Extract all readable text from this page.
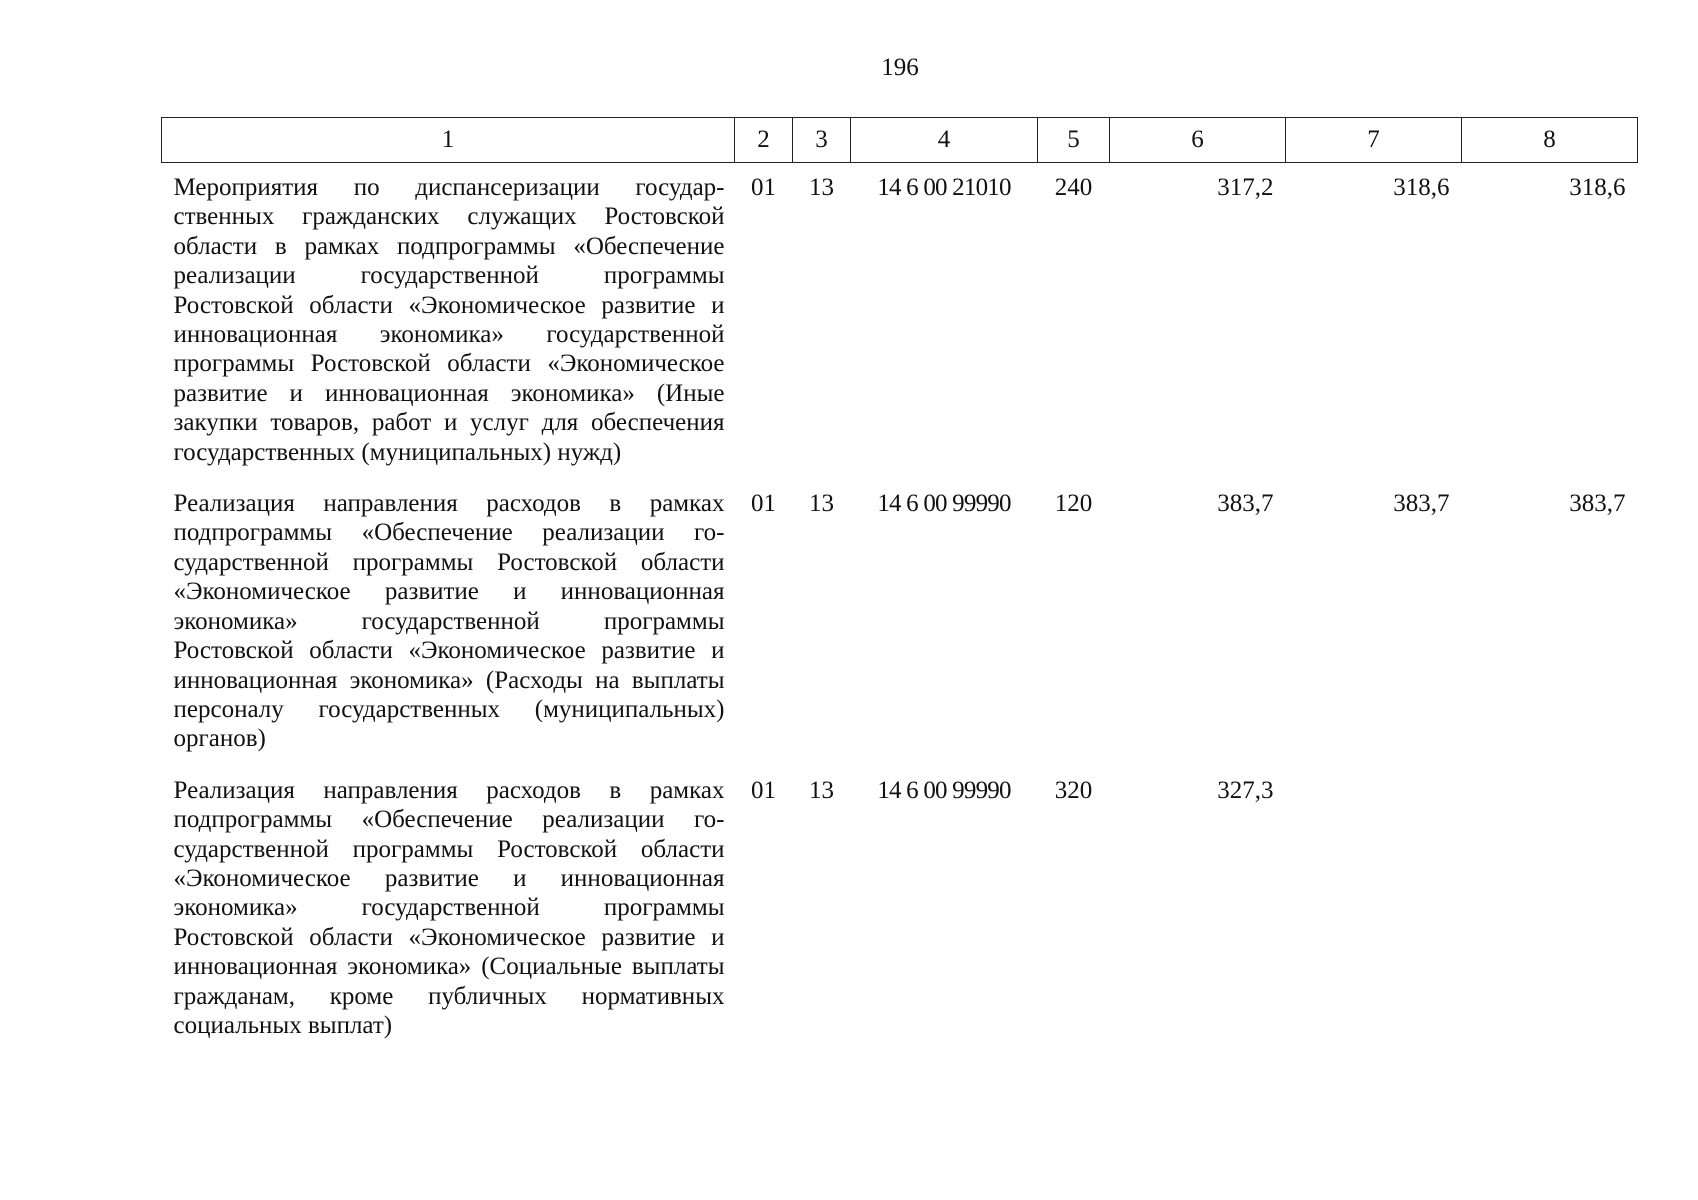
196
1	2	3	4	5	6	7	8
Мероприятия по диспансеризации государственных гражданских служащих Ростовской области в рамках подпрограммы «Обеспечение реализации государственной программы Ростовской области «Экономическое развитие и инновационная экономика» государственной программы Ростовской области «Экономическое развитие и инновационная экономика» (Иные закупки товаров, работ и услуг для обеспечения государственных (муниципальных) нужд)	01	13	14 6 00 21010	240	317,2	318,6	318,6
Реализация направления расходов в рамках подпрограммы «Обеспечение реализации государственной программы Ростовской области «Экономическое развитие и инновационная экономика» государственной программы Ростовской области «Экономическое развитие и инновационная экономика» (Расходы на выплаты персоналу государственных (муниципальных) органов)	01	13	14 6 00 99990	120	383,7	383,7	383,7
Реализация направления расходов в рамках подпрограммы «Обеспечение реализации государственной программы Ростовской области «Экономическое развитие и инновационная экономика» государственной программы Ростовской области «Экономическое развитие и инновационная экономика» (Социальные выплаты гражданам, кроме публичных нормативных социальных выплат)	01	13	14 6 00 99990	320	327,3		
